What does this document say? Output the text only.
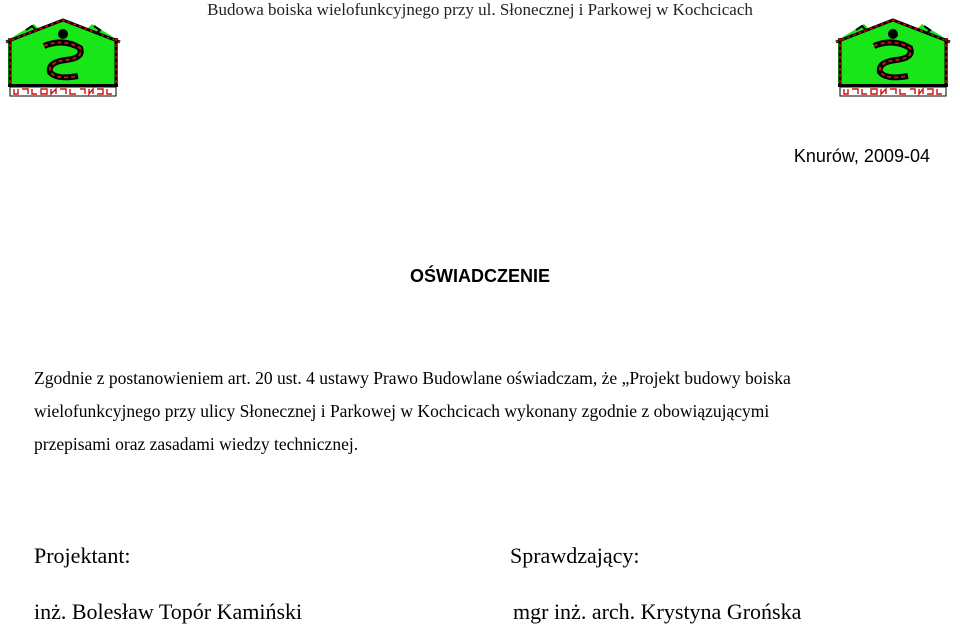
Budowa boiska wielofunkcyjnego przy ul. Słonecznej i Parkowej w Kochcicach
Knurów, 2009-04
OŚWIADCZENIE
Zgodnie z postanowieniem art. 20 ust. 4 ustawy Prawo Budowlane oświadczam, że „Projekt budowy boiska
wielofunkcyjnego przy ulicy Słonecznej i Parkowej w Kochcicach wykonany zgodnie z obowiązującymi
przepisami oraz zasadami wiedzy technicznej.
Projektant:	Sprawdzający:
inż. Bolesław Topór Kamiński	mgr inż. arch. Krystyna Grońska
